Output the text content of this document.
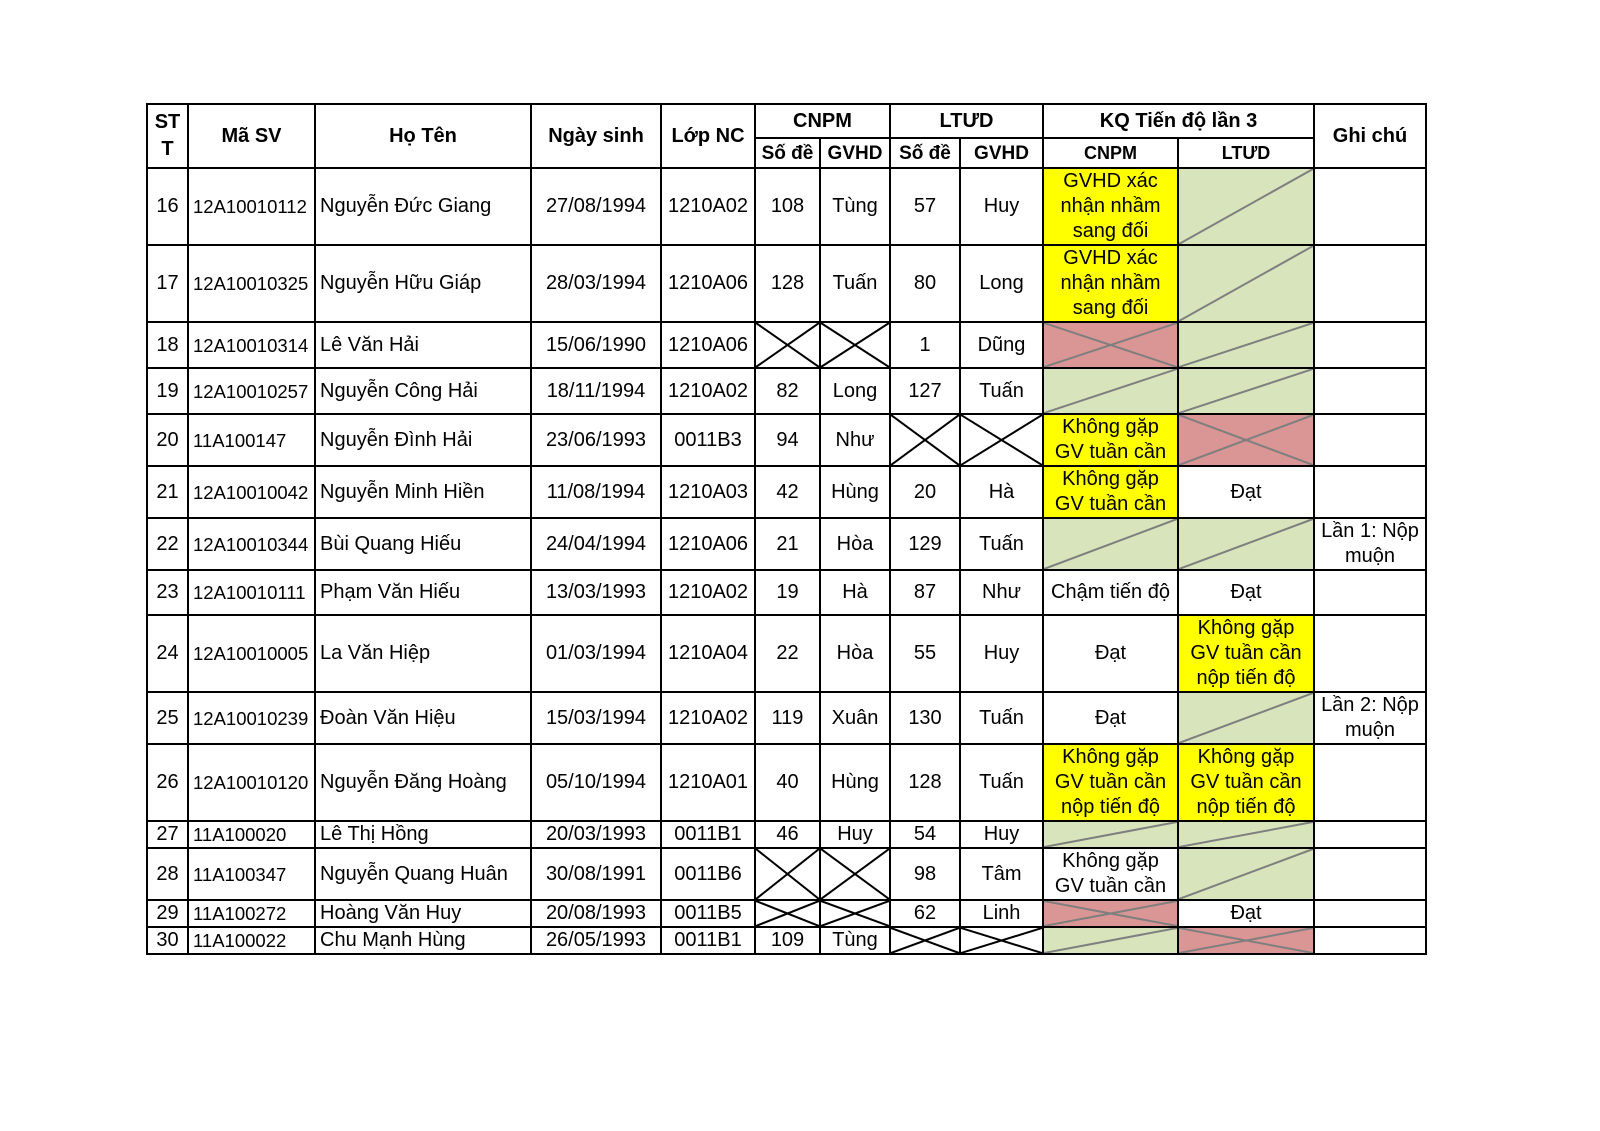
ST T	Mã SV	Họ Tên	Ngày sinh	Lớp NC	CNPM		LTƯD		KQ Tiến độ lần 3		Ghi chú
					Số đề	GVHD	Số đề	GVHD	CNPM	LTƯD	
16	12A10010112	Nguyễn Đức Giang	27/08/1994	1210A02	108	Tùng	57	Huy	GVHD xác nhận nhầm sang đối

17	12A10010325	Nguyễn Hữu Giáp	28/03/1994	1210A06	128	Tuấn	80	Long	GVHD xác nhận nhầm sang đối

18	12A10010314	Lê Văn Hải	15/06/1990	1210A06			1	Dũng	

19	12A10010257	Nguyễn Công Hải	18/11/1994	1210A02	82	Long	127	Tuấn	

20	11A100147	Nguyễn Đình Hải	23/06/1993	0011B3	94	Như			Không gặp GV tuần cần

21	12A10010042	Nguyễn Minh Hiền	11/08/1994	1210A03	42	Hùng	20	Hà	Không gặp GV tuần cần	Đạt	

22	12A10010344	Bùi Quang Hiếu	24/04/1994	1210A06	21	Hòa	129	Tuấn			Lần 1: Nộp muộn
23	12A10010111	Phạm Văn Hiếu	13/03/1993	1210A02	19	Hà	87	Như	Chậm tiến độ	Đạt	

24	12A10010005	La Văn Hiệp	01/03/1994	1210A04	22	Hòa	55	Huy	Đạt	Không gặp GV tuần cần nộp tiến độ	

25	12A10010239	Đoàn Văn Hiệu	15/03/1994	1210A02	119	Xuân	130	Tuấn	Đạt		Lần 2: Nộp muộn
26	12A10010120	Nguyễn Đăng Hoàng	05/10/1994	1210A01	40	Hùng	128	Tuấn	Không gặp GV tuần cần nộp tiến độ	Không gặp GV tuần cần nộp tiến độ	

27	11A100020	Lê Thị Hồng	20/03/1993	0011B1	46	Huy	54	Huy	

28	11A100347	Nguyễn Quang Huân	30/08/1991	0011B6			98	Tâm	Không gặp GV tuần cần

29	11A100272	Hoàng Văn Huy	20/08/1993	0011B5			62	Linh		Đạt	

30	11A100022	Chu Mạnh Hùng	26/05/1993	0011B1	109	Tùng	
